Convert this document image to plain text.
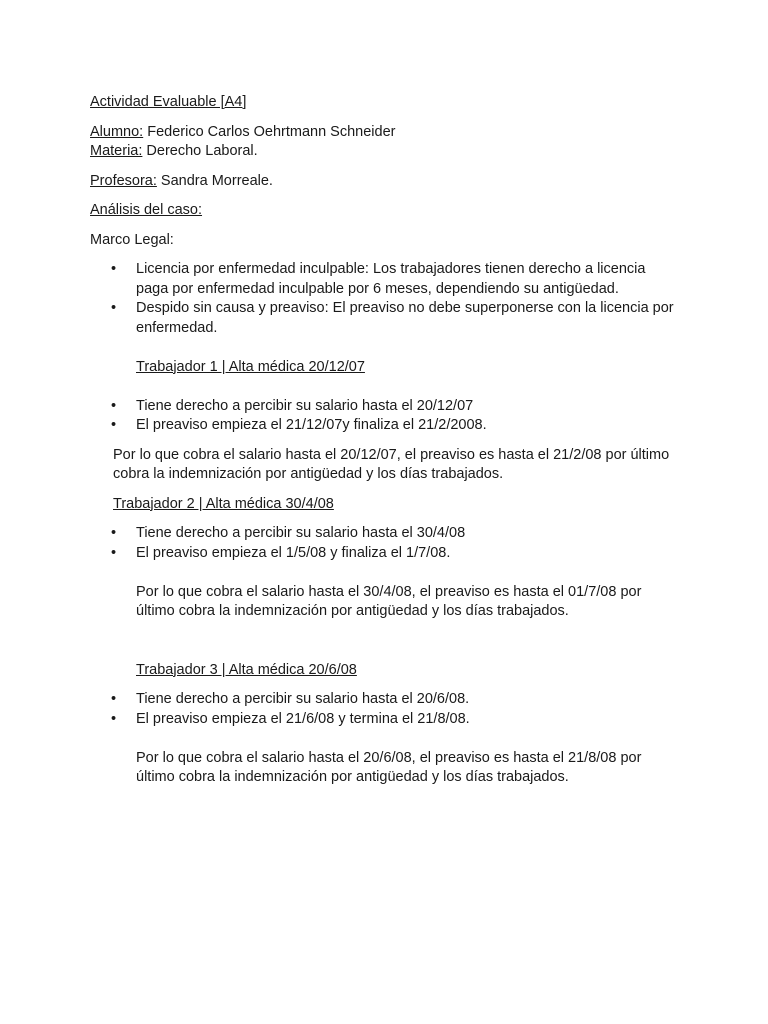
Actividad Evaluable [A4]

Alumno: Federico Carlos Oehrtmann Schneider

Materia: Derecho Laboral.

Profesora: Sandra Morreale.

Análisis del caso:

Marco Legal:

• Licencia por enfermedad inculpable: Los trabajadores tienen derecho a licencia paga por enfermedad inculpable por 6 meses, dependiendo su antigüedad.
• Despido sin causa y preaviso: El preaviso no debe superponerse con la licencia por enfermedad.

Trabajador 1 | Alta médica 20/12/07

• Tiene derecho a percibir su salario hasta el 20/12/07
• El preaviso empieza el 21/12/07y finaliza el 21/2/2008.

Por lo que cobra el salario hasta el 20/12/07, el preaviso es hasta el 21/2/08 por último cobra la indemnización por antigüedad y los días trabajados.

Trabajador 2 | Alta médica 30/4/08

• Tiene derecho a percibir su salario hasta el 30/4/08
• El preaviso empieza el 1/5/08 y finaliza el 1/7/08.

Por lo que cobra el salario hasta el 30/4/08, el preaviso es hasta el 01/7/08 por último cobra la indemnización por antigüedad y los días trabajados.

Trabajador 3 | Alta médica 20/6/08

• Tiene derecho a percibir su salario hasta el 20/6/08.
• El preaviso empieza el 21/6/08 y termina el 21/8/08.

Por lo que cobra el salario hasta el 20/6/08, el preaviso es hasta el 21/8/08 por último cobra la indemnización por antigüedad y los días trabajados.
